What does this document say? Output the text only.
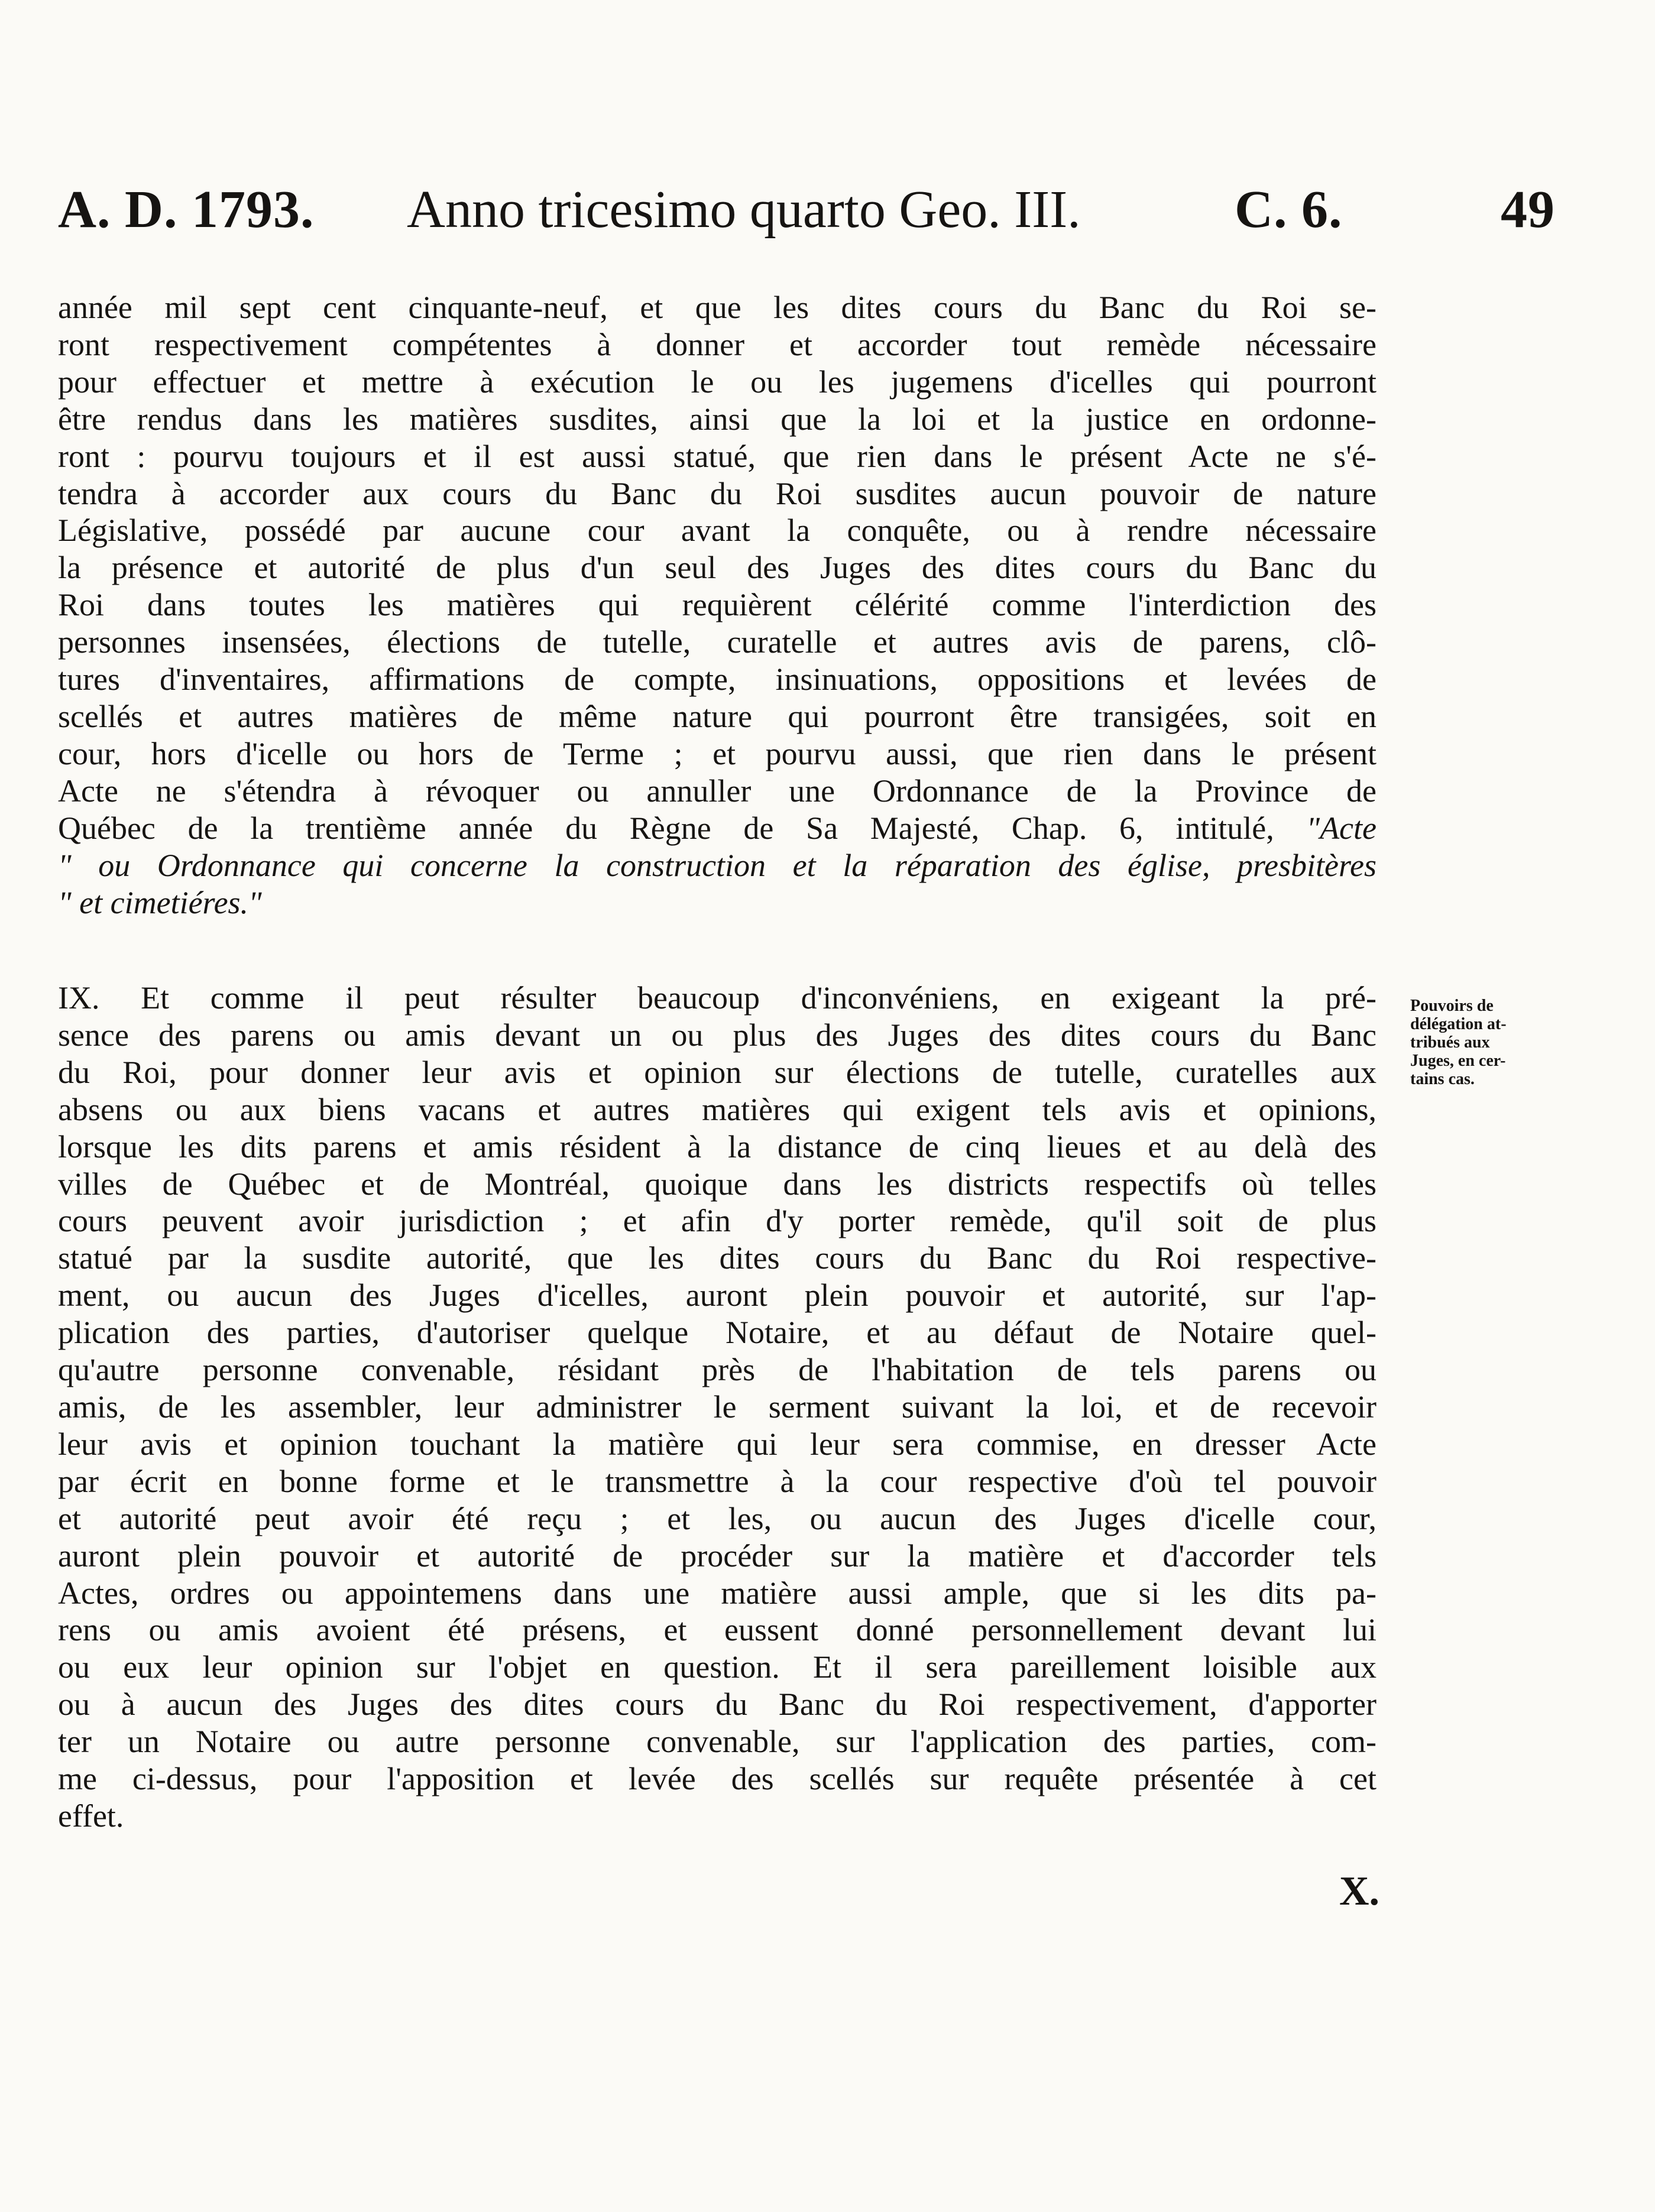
A. D. 1793. Anno tricesimo quarto Geo. III.	C. 6.	49
année mil sept cent cinquante-neuf, et que les dites cours du Banc du Roi se-
ront respectivement compétentes à donner et accorder tout remède nécessaire
pour effectuer et mettre à exécution le ou les jugemens d'icelles qui pourront
être rendus dans les matières susdites, ainsi que la loi et la justice en ordonne-
ront : pourvu toujours et il est aussi statué, que rien dans le présent Acte ne s'é-
tendra à accorder aux cours du Banc du Roi susdites aucun pouvoir de nature
Législative, possédé par aucune cour avant la conquête, ou à rendre nécessaire
la présence et autorité de plus d'un seul des Juges des dites cours du Banc du
Roi dans toutes les matières qui requièrent célérité comme l'interdiction des
personnes insensées, élections de tutelle, curatelle et autres avis de parens, clô-
tures d'inventaires, affirmations de compte, insinuations, oppositions et levées de
scellés et autres matières de même nature qui pourront être transigées, soit en
cour, hors d'icelle ou hors de Terme ; et pourvu aussi, que rien dans le présent
Acte ne s'étendra à révoquer ou annuller une Ordonnance de la Province de
Québec de la trentième année du Règne de Sa Majesté, Chap. 6, intitulé, "Acte
" ou Ordonnance qui concerne la construction et la réparation des église, presbitères
" et cimetiéres."
IX. Et comme il peut résulter beaucoup d'inconvéniens, en exigeant la pré-
sence des parens ou amis devant un ou plus des Juges des dites cours du Banc
du Roi, pour donner leur avis et opinion sur élections de tutelle, curatelles aux
absens ou aux biens vacans et autres matières qui exigent tels avis et opinions,
lorsque les dits parens et amis résident à la distance de cinq lieues et au delà des
villes de Québec et de Montréal, quoique dans les districts respectifs où telles
cours peuvent avoir jurisdiction ; et afin d'y porter remède, qu'il soit de plus
statué par la susdite autorité, que les dites cours du Banc du Roi respective-
ment, ou aucun des Juges d'icelles, auront plein pouvoir et autorité, sur l'ap-
plication des parties, d'autoriser quelque Notaire, et au défaut de Notaire quel-
qu'autre personne convenable, résidant près de l'habitation de tels parens ou
amis, de les assembler, leur administrer le serment suivant la loi, et de recevoir
leur avis et opinion touchant la matière qui leur sera commise, en dresser Acte
par écrit en bonne forme et le transmettre à la cour respective d'où tel pouvoir
et autorité peut avoir été reçu ; et les, ou aucun des Juges d'icelle cour,
auront plein pouvoir et autorité de procéder sur la matière et d'accorder tels
Actes, ordres ou appointemens dans une matière aussi ample, que si les dits pa-
rens ou amis avoient été présens, et eussent donné personnellement devant lui
ou eux leur opinion sur l'objet en question. Et il sera pareillement loisible aux
ou à aucun des Juges des dites cours du Banc du Roi respectivement, d'apporter
ter un Notaire ou autre personne convenable, sur l'application des parties, com-
me ci-dessus, pour l'apposition et levée des scellés sur requête présentée à cet
effet.
Pouvoirs de
délégation at-
tribués aux
Juges, en cer-
tains cas.
X.
